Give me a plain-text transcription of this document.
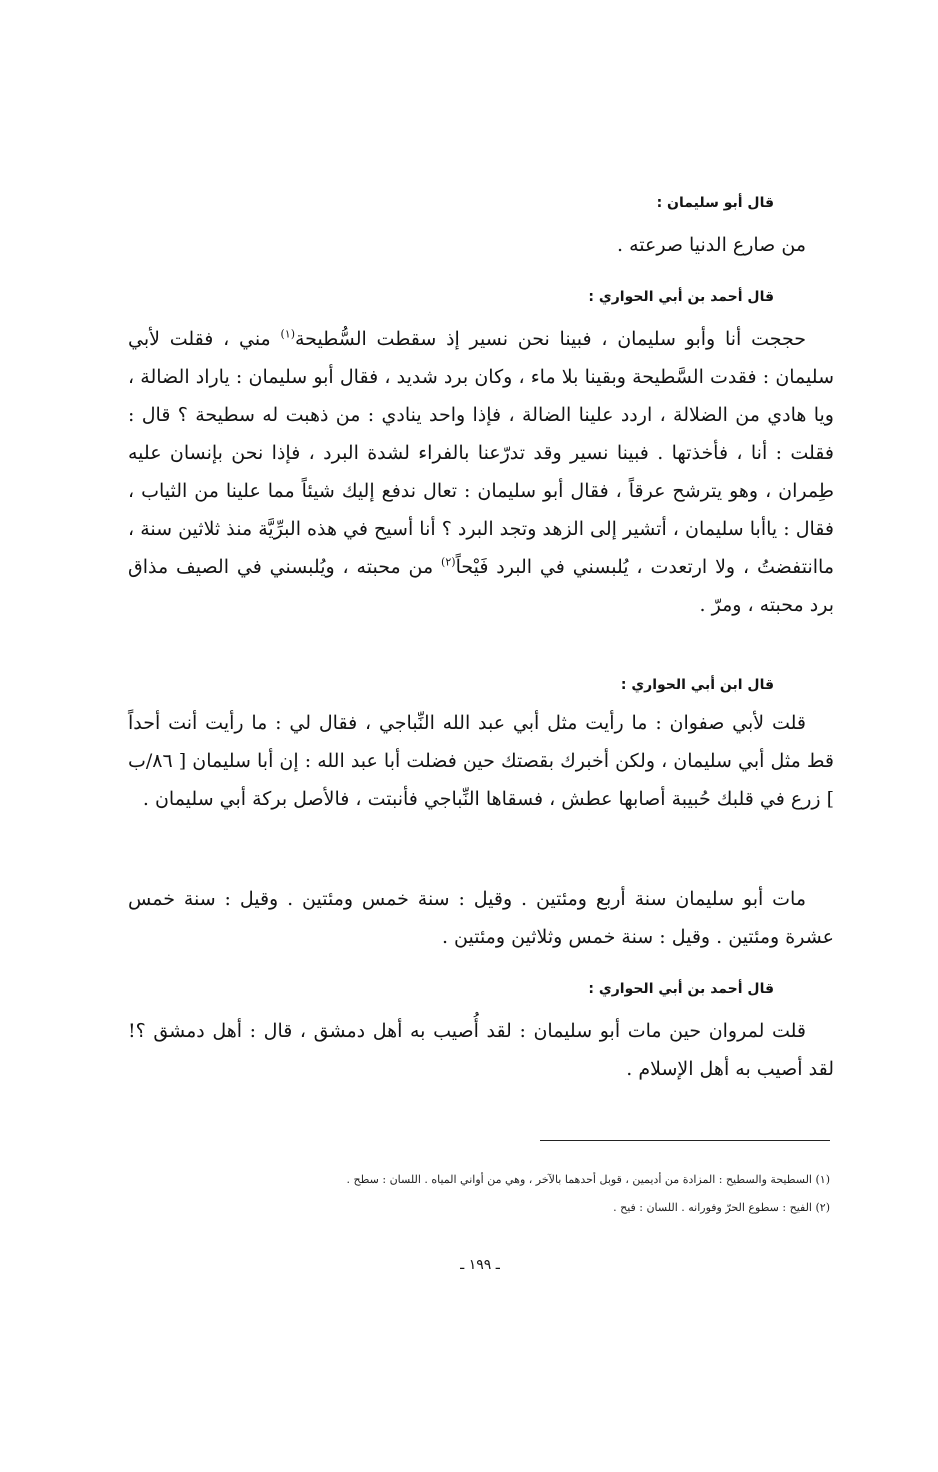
قال أبو سليمان :

من صارع الدنيا صرعته .

قال أحمد بن أبي الحواري :

حججت أنا وأبو سليمان ، فبينا نحن نسير إذ سقطت السُّطيحة$^{(١)}$ مني ، فقلت لأبي سليمان : فقدت السَّطيحة وبقينا بلا ماء ، وكان برد شديد ، فقال أبو سليمان : ياراد الضالة ، ويا هادي من الضلالة ، اردد علينا الضالة ، فإذا واحد ينادي : من ذهبت له سطيحة ؟ قال : فقلت : أنا ، فأخذتها . فبينا نسير وقد تدرّعنا بالفراء لشدة البرد ، فإذا نحن بإنسان عليه طِمران ، وهو يترشح عرقاً ، فقال أبو سليمان : تعال ندفع إليك شيئاً مما علينا من الثياب ، فقال : ياأبا سليمان ، أتشير إلى الزهد وتجد البرد ؟ أنا أسيح في هذه البرِّيَّة منذ ثلاثين سنة ، ماانتفضتُ ، ولا ارتعدت ، يُلبسني في البرد فَيْحاً$^{(٢)}$ من محبته ، ويُلبسني في الصيف مذاق برد محبته ، ومرّ .

قال ابن أبي الحواري :

قلت لأبي صفوان : ما رأيت مثل أبي عبد الله النِّباجي ، فقال لي : ما رأيت أنت أحداً قط مثل أبي سليمان ، ولكن أخبرك بقصتك حين فضلت أبا عبد الله : إن أبا سليمان [ ٨٦/ب ] زرع في قلبك حُبيبة أصابها عطش ، فسقاها النِّباجي فأنبتت ، فالأصل بركة أبي سليمان .

مات أبو سليمان سنة أربع ومئتين . وقيل : سنة خمس ومئتين . وقيل : سنة خمس عشرة ومئتين . وقيل : سنة خمس وثلاثين ومئتين .

قال أحمد بن أبي الحواري :

قلت لمروان حين مات أبو سليمان : لقد أُصيب به أهل دمشق ، قال : أهل دمشق ؟! لقد أصيب به أهل الإسلام .

(١) السطيحة والسطيح : المزادة من أديمين ، قوبل أحدهما بالآخر ، وهي من أواني المياه . اللسان : سطح .

(٢) الفيح : سطوع الحرّ وفورانه . اللسان : فيح .

ـ ١٩٩ ـ
